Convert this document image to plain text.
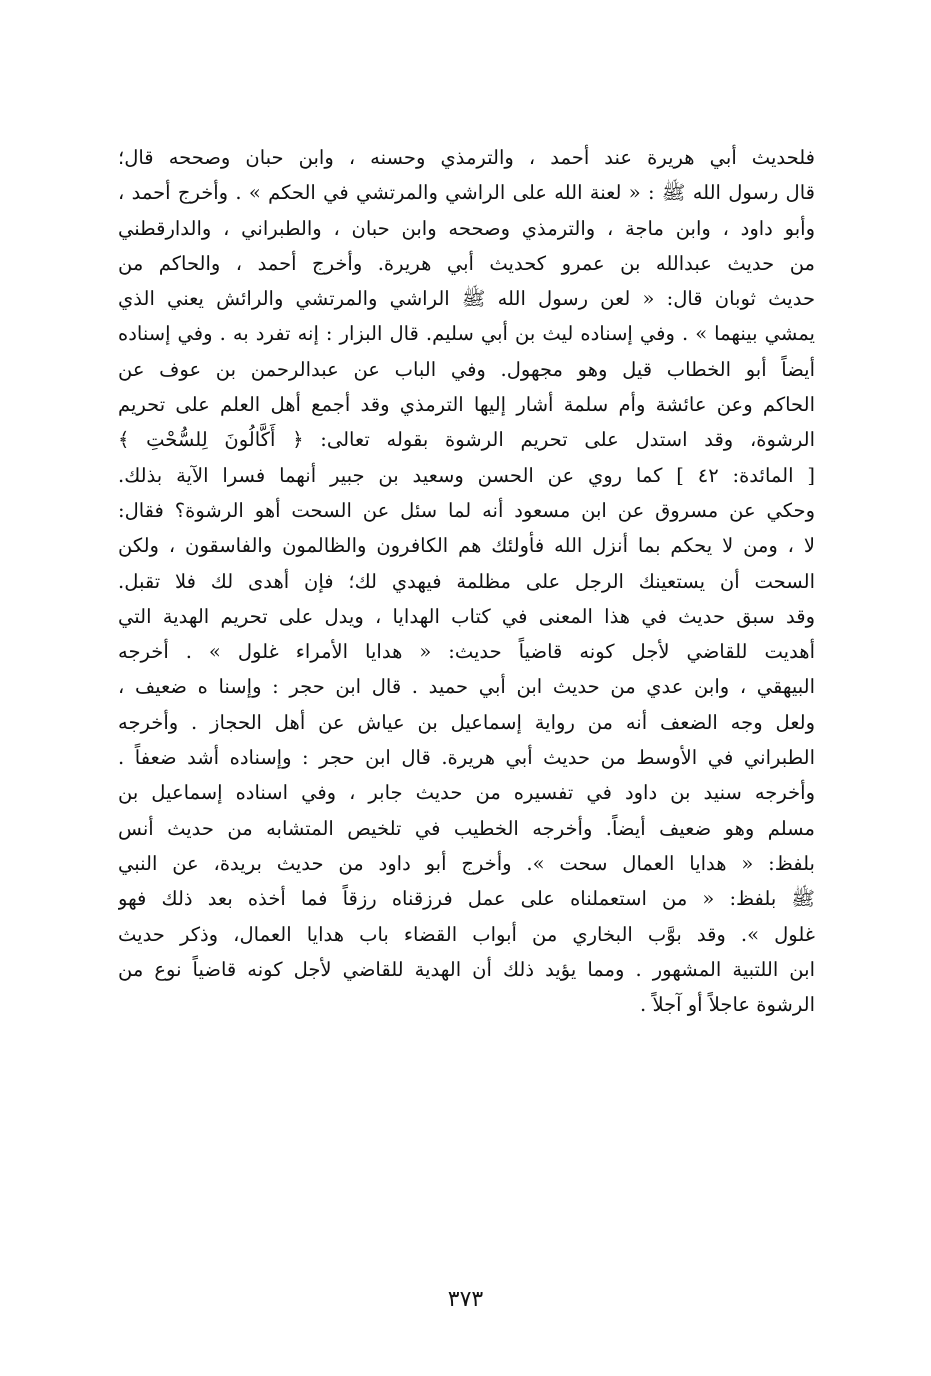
فلحديث أبي هريرة عند أحمد ، والترمذي وحسنه ، وابن حبان وصححه قال؛
قال رسول الله ﷺ : « لعنة الله على الراشي والمرتشي في الحكم » . وأخرج أحمد ،
وأبو داود ، وابن ماجة ، والترمذي وصححه وابن حبان ، والطبراني ، والدارقطني
من حديث عبدالله بن عمرو كحديث أبي هريرة. وأخرج أحمد ، والحاكم من
حديث ثوبان قال: « لعن رسول الله ﷺ الراشي والمرتشي والرائش يعني الذي
يمشي بينهما » . وفي إسناده ليث بن أبي سليم. قال البزار : إنه تفرد به . وفي إسناده
أيضاً أبو الخطاب قيل وهو مجهول. وفي الباب عن عبدالرحمن بن عوف عن
الحاكم وعن عائشة وأم سلمة أشار إليها الترمذي وقد أجمع أهل العلم على تحريم
الرشوة، وقد استدل على تحريم الرشوة بقوله تعالى: ﴿ أَكَّالُونَ لِلسُّحْتِ ﴾
[ المائدة: ٤٢ ] كما روي عن الحسن وسعيد بن جبير أنهما فسرا الآية بذلك.
وحكي عن مسروق عن ابن مسعود أنه لما سئل عن السحت أهو الرشوة؟ فقال:
لا ، ومن لا يحكم بما أنزل الله فأولئك هم الكافرون والظالمون والفاسقون ، ولكن
السحت أن يستعينك الرجل على مظلمة فيهدي لك؛ فإن أهدى لك فلا تقبل.
وقد سبق حديث في هذا المعنى في كتاب الهدايا ، ويدل على تحريم الهدية التي
أهديت للقاضي لأجل كونه قاضياً حديث: « هدايا الأمراء غلول » . أخرجه
البيهقي ، وابن عدي من حديث ابن أبي حميد . قال ابن حجر : وإسنا ه ضعيف ،
ولعل وجه الضعف أنه من رواية إسماعيل بن عياش عن أهل الحجاز . وأخرجه
الطبراني في الأوسط من حديث أبي هريرة. قال ابن حجر : وإسناده أشد ضعفاً .
وأخرجه سنيد بن داود في تفسيره من حديث جابر ، وفي اسناده إسماعيل بن
مسلم وهو ضعيف أيضاً. وأخرجه الخطيب في تلخيص المتشابه من حديث أنس
بلفظ: « هدايا العمال سحت ». وأخرج أبو داود من حديث بريدة، عن النبي
ﷺ بلفظ: « من استعملناه على عمل فرزقناه رزقاً فما أخذه بعد ذلك فهو
غلول ». وقد بوَّب البخاري من أبواب القضاء باب هدايا العمال، وذكر حديث
ابن اللتبية المشهور . ومما يؤيد ذلك أن الهدية للقاضي لأجل كونه قاضياً نوع من
الرشوة عاجلاً أو آجلاً .
٣٧٣
